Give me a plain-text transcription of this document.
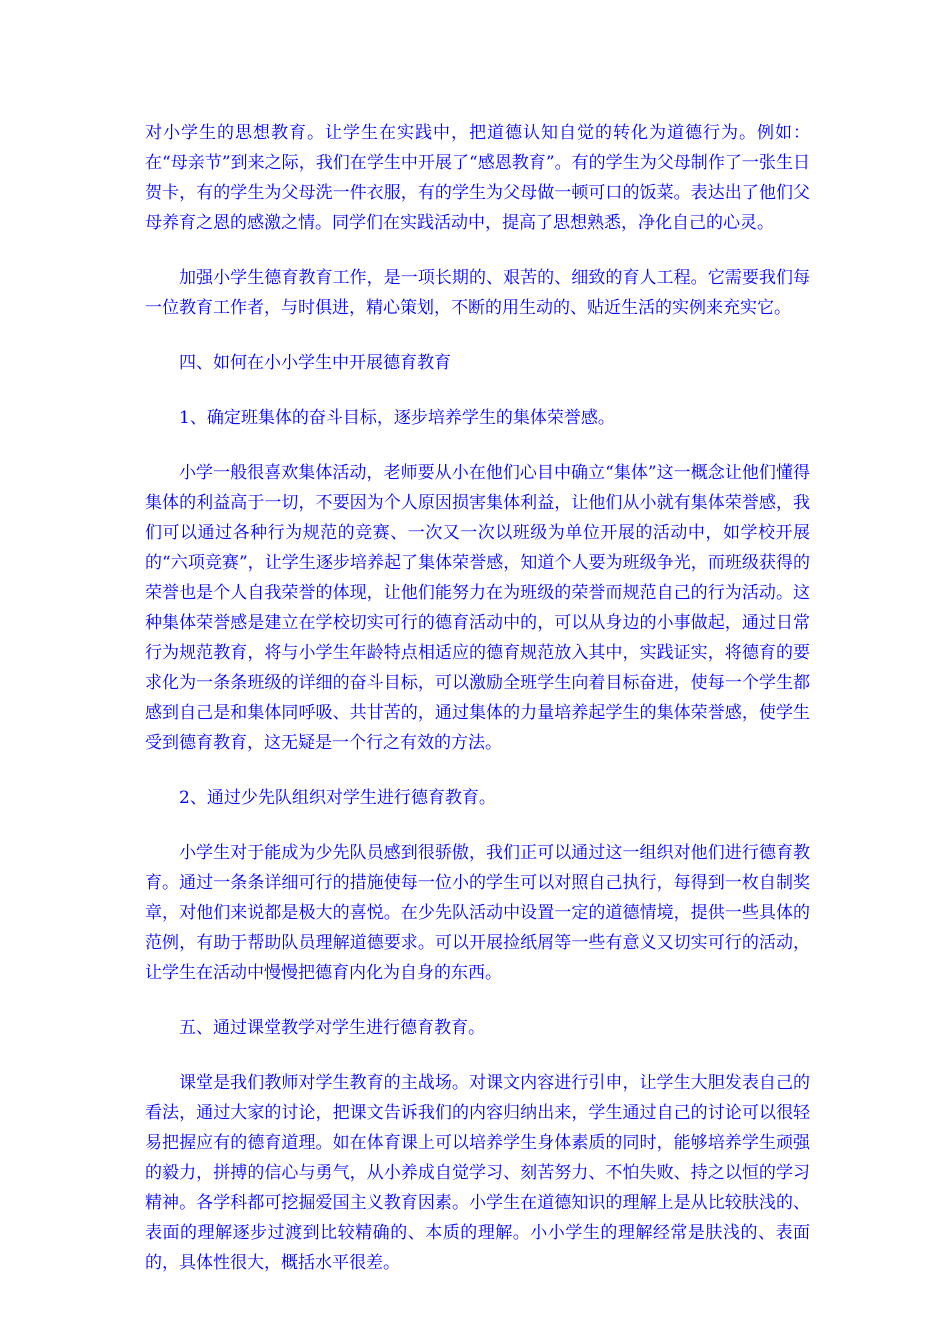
对小学生的思想教育。让学生在实践中，把道德认知自觉的转化为道德行为。例如：在“母亲节”到来之际，我们在学生中开展了“感恩教育”。有的学生为父母制作了一张生日贺卡，有的学生为父母洗一件衣服，有的学生为父母做一顿可口的饭菜。表达出了他们父母养育之恩的感激之情。同学们在实践活动中，提高了思想熟悉，净化自己的心灵。

加强小学生德育教育工作，是一项长期的、艰苦的、细致的育人工程。它需要我们每一位教育工作者，与时俱进，精心策划，不断的用生动的、贴近生活的实例来充实它。

四、如何在小小学生中开展德育教育

1、确定班集体的奋斗目标，逐步培养学生的集体荣誉感。

小学一般很喜欢集体活动，老师要从小在他们心目中确立“集体”这一概念让他们懂得集体的利益高于一切，不要因为个人原因损害集体利益，让他们从小就有集体荣誉感，我们可以通过各种行为规范的竞赛、一次又一次以班级为单位开展的活动中，如学校开展的“六项竞赛”，让学生逐步培养起了集体荣誉感，知道个人要为班级争光，而班级获得的荣誉也是个人自我荣誉的体现，让他们能努力在为班级的荣誉而规范自己的行为活动。这种集体荣誉感是建立在学校切实可行的德育活动中的，可以从身边的小事做起，通过日常行为规范教育，将与小学生年龄特点相适应的德育规范放入其中，实践证实，将德育的要求化为一条条班级的详细的奋斗目标，可以激励全班学生向着目标奋进，使每一个学生都感到自己是和集体同呼吸、共甘苦的，通过集体的力量培养起学生的集体荣誉感，使学生受到德育教育，这无疑是一个行之有效的方法。

2、通过少先队组织对学生进行德育教育。

小学生对于能成为少先队员感到很骄傲，我们正可以通过这一组织对他们进行德育教育。通过一条条详细可行的措施使每一位小的学生可以对照自己执行，每得到一枚自制奖章，对他们来说都是极大的喜悦。在少先队活动中设置一定的道德情境，提供一些具体的范例，有助于帮助队员理解道德要求。可以开展捡纸屑等一些有意义又切实可行的活动，让学生在活动中慢慢把德育内化为自身的东西。

五、通过课堂教学对学生进行德育教育。

课堂是我们教师对学生教育的主战场。对课文内容进行引申，让学生大胆发表自己的看法，通过大家的讨论，把课文告诉我们的内容归纳出来，学生通过自己的讨论可以很轻易把握应有的德育道理。如在体育课上可以培养学生身体素质的同时，能够培养学生顽强的毅力，拼搏的信心与勇气，从小养成自觉学习、刻苦努力、不怕失败、持之以恒的学习精神。各学科都可挖掘爱国主义教育因素。小学生在道德知识的理解上是从比较肤浅的、表面的理解逐步过渡到比较精确的、本质的理解。小小学生的理解经常是肤浅的、表面的，具体性很大，概括水平很差。
